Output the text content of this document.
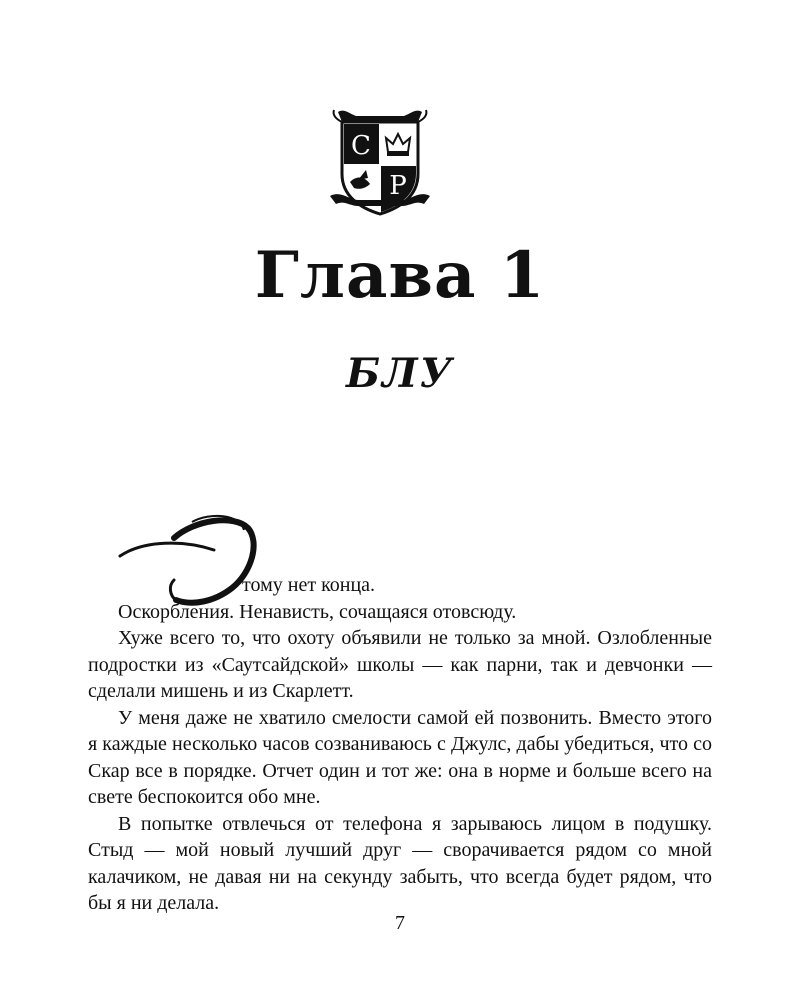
C
P
Глава 1
БЛУ

тому нет конца.

Оскорбления. Ненависть, сочащаяся отовсюду.

Хуже всего то, что охоту объявили не только за мной. Озлобленные подростки из «Саутсайдской» школы — как парни, так и девчонки — сделали мишень и из Скарлетт.

У меня даже не хватило смелости самой ей позвонить. Вместо этого я каждые несколько часов созваниваюсь с Джулс, дабы убедиться, что со Скар все в порядке. Отчет один и тот же: она в норме и больше всего на свете беспокоится обо мне.

В попытке отвлечься от телефона я зарываюсь лицом в подушку. Стыд — мой новый лучший друг — сворачивается рядом со мной калачиком, не давая ни на секунду забыть, что всегда будет рядом, что бы я ни делала.

7
